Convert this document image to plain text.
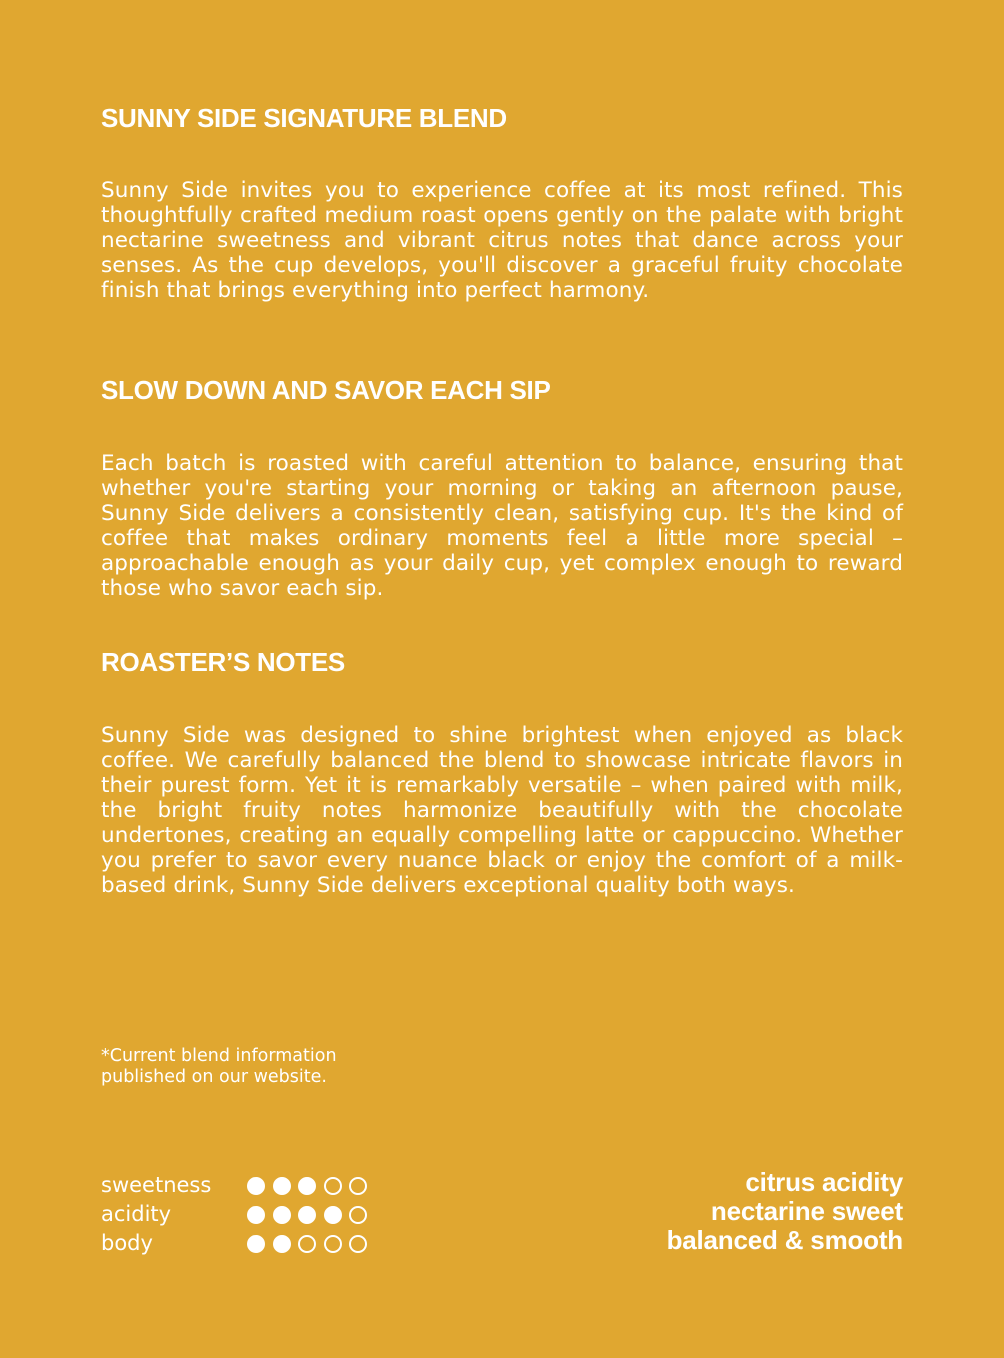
SUNNY SIDE SIGNATURE BLEND

Sunny Side invites you to experience coffee at its most refined. This thoughtfully crafted medium roast opens gently on the palate with bright nectarine sweetness and vibrant citrus notes that dance across your senses. As the cup develops, you'll discover a graceful fruity chocolate finish that brings everything into perfect harmony.

SLOW DOWN AND SAVOR EACH SIP

Each batch is roasted with careful attention to balance, ensuring that whether you're starting your morning or taking an afternoon pause, Sunny Side delivers a consistently clean, satisfying cup. It's the kind of coffee that makes ordinary moments feel a little more special – approachable enough as your daily cup, yet complex enough to reward those who savor each sip.

ROASTER’S NOTES

Sunny Side was designed to shine brightest when enjoyed as black coffee. We carefully balanced the blend to showcase intricate flavors in their purest form. Yet it is remarkably versatile – when paired with milk, the bright fruity notes harmonize beautifully with the chocolate undertones, creating an equally compelling latte or cappuccino. Whether you prefer to savor every nuance black or enjoy the comfort of a milk-based drink, Sunny Side delivers exceptional quality both ways.

*Current blend information
published on our website.

sweetness
acidity
body
citrus acidity
nectarine sweet
balanced & smooth
